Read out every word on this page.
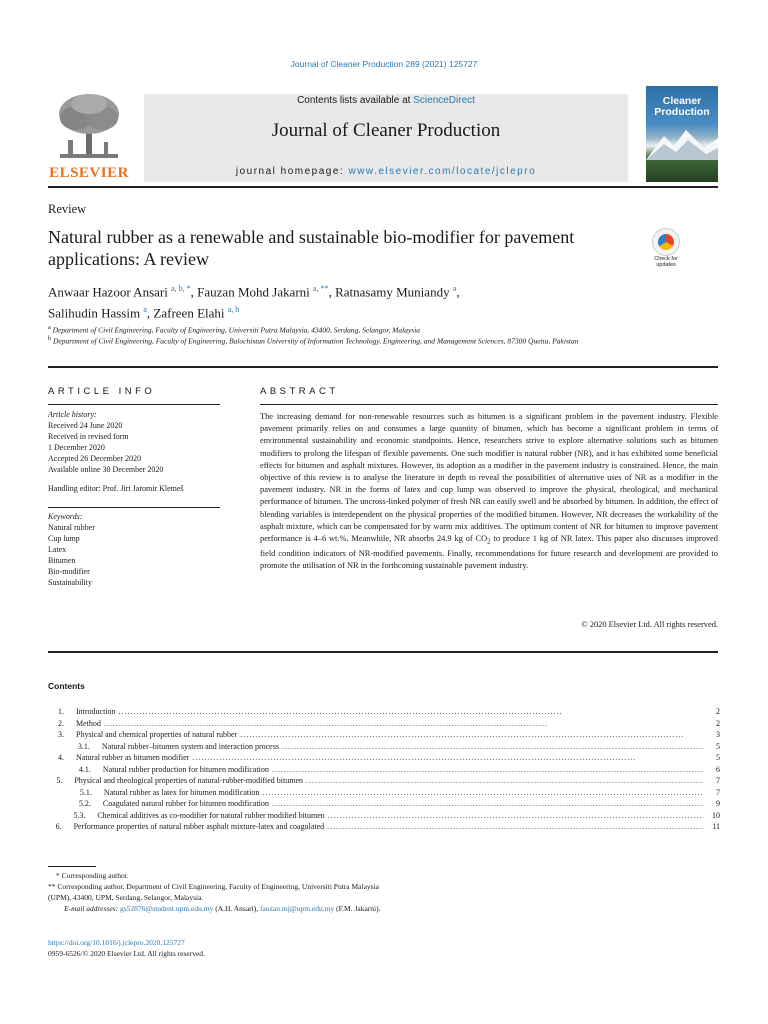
Journal of Cleaner Production 289 (2021) 125727
ELSEVIER
Contents lists available at ScienceDirect
Journal of Cleaner Production
journal homepage: www.elsevier.com/locate/jclepro
Cleaner
Production
Review
Natural rubber as a renewable and sustainable bio-modifier for pavement applications: A review	Check for updates
Anwaar Hazoor Ansari $^{a, b, *}$, Fauzan Mohd Jakarni $^{a, **}$, Ratnasamy Muniandy $^a$,
Salihudin Hassim $^a$, Zafreen Elahi $^{a, b}$
$^a$ Department of Civil Engineering, Faculty of Engineering, Universiti Putra Malaysia, 43400, Serdang, Selangor, Malaysia
$^b$ Department of Civil Engineering, Faculty of Engineering, Balochistan University of Information Technology, Engineering, and Management Sciences, 87300 Quetta, Pakistan
ARTICLE INFO
Article history:
Received 24 June 2020
Received in revised form
1 December 2020
Accepted 26 December 2020
Available online 30 December 2020
Handling editor: Prof. Jiri Jaromir Klemeš
Keywords:
Natural rubber
Cup lump
Latex
Bitumen
Bio-modifier
Sustainability
ABSTRACT
The increasing demand for non-renewable resources such as bitumen is a significant problem in the pavement industry. Flexible pavement primarily relies on and consumes a large quantity of bitumen, which has become a significant problem in terms of environmental sustainability and economic standpoints. Hence, researchers strive to explore alternative solutions such as bitumen modifiers to prolong the lifespan of flexible pavements. One such modifier is natural rubber (NR), and it has exhibited some beneficial effects for bitumen and asphalt mixtures. However, its adoption as a modifier in the pavement industry is constrained. Hence, the main objective of this review is to analyse the literature in depth to reveal the possibilities of alternative uses of NR as a modifier in the pavement industry. NR in the forms of latex and cup lump was observed to improve the physical, rheological, and mechanical performance of bitumen. The uncross-linked polymer of fresh NR can easily swell and be absorbed by bitumen. In addition, the effect of blending variables is interdependent on the physical properties of the modified bitumen. However, NR decreases the workability of the asphalt mixture, which can be compensated for by warm mix additives. The optimum content of NR for bitumen to improve pavement performance is 4–6 wt.%. Meanwhile, NR absorbs 24.9 kg of $CO_2$ to produce 1 kg of NR latex. This paper also discusses improved field condition indicators of NR-modified pavements. Finally, recommendations for future research and development are provided to promote the utilisation of NR in the forthcoming sustainable pavement industry.
© 2020 Elsevier Ltd. All rights reserved.
Contents
1. Introduction . . .	2
2. Method . . .	2
3. Physical and chemical properties of natural rubber . . .	3
3.1. Natural rubber–bitumen system and interaction process . . .	5
4. Natural rubber as bitumen modifier . . .	5
4.1. Natural rubber production for bitumen modification . . .	6
5. Physical and rheological properties of natural-rubber-modified bitumen . . .	7
5.1. Natural rubber as latex for bitumen modification . . .	7
5.2. Coagulated natural rubber for bitumen modification . . .	9
5.3. Chemical additives as co-modifier for natural rubber modified bitumen . . .	10
6. Performance properties of natural rubber asphalt mixture-latex and coagulated . . .	11
* Corresponding author.
** Corresponding author. Department of Civil Engineering, Faculty of Engineering, Universiti Putra Malaysia (UPM), 43400, UPM, Serdang, Selangor, Malaysia.
E-mail addresses: gs52876@student.upm.edu.my (A.H. Ansari), fauzan.mj@upm.edu.my (F.M. Jakarni).
https://doi.org/10.1016/j.jclepro.2020.125727
0959-6526/© 2020 Elsevier Ltd. All rights reserved.
